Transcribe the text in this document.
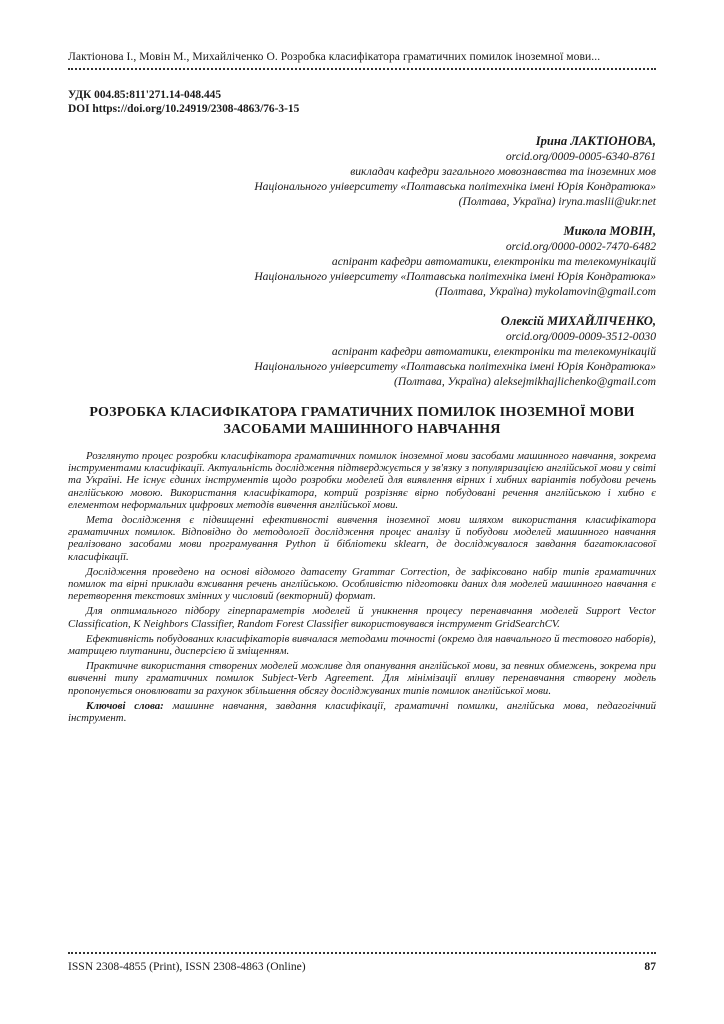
Лактіонова І., Мовін М., Михайліченко О. Розробка класифікатора граматичних помилок іноземної мови...
УДК 004.85:811'271.14-048.445
DOI https://doi.org/10.24919/2308-4863/76-3-15
Ірина ЛАКТІОНОВА,
orcid.org/0009-0005-6340-8761
викладач кафедри загального мовознавства та іноземних мов
Національного університету «Полтавська політехніка імені Юрія Кондратюка»
(Полтава, Україна) iryna.maslii@ukr.net
Микола МОВІН,
orcid.org/0000-0002-7470-6482
аспірант кафедри автоматики, електроніки та телекомунікацій
Національного університету «Полтавська політехніка імені Юрія Кондратюка»
(Полтава, Україна) mykolamovin@gmail.com
Олексій МИХАЙЛІЧЕНКО,
orcid.org/0009-0009-3512-0030
аспірант кафедри автоматики, електроніки та телекомунікацій
Національного університету «Полтавська політехніка імені Юрія Кондратюка»
(Полтава, Україна) aleksejmikhajlichenko@gmail.com
РОЗРОБКА КЛАСИФІКАТОРА ГРАМАТИЧНИХ ПОМИЛОК ІНОЗЕМНОЇ МОВИ
ЗАСОБАМИ МАШИННОГО НАВЧАННЯ

Розглянуто процес розробки класифікатора граматичних помилок іноземної мови засобами машинного навчання, зокрема інструментами класифікації. Актуальність дослідження підтверджується у зв'язку з популяризацією англійської мови у світі та Україні. Не існує єдиних інструментів щодо розробки моделей для виявлення вірних і хибних варіантів побудови речень англійською мовою. Використання класифікатора, котрий розрізняє вірно побудовані речення англійською і хибно є елементом неформальних цифрових методів вивчення англійської мови.

Мета дослідження є підвищенні ефективності вивчення іноземної мови шляхом використання класифікатора граматичних помилок. Відповідно до методології дослідження процес аналізу й побудови моделей машинного навчання реалізовано засобами мови програмування Python й бібліотеки sklearn, де досліджувалося завдання багатокласової класифікації.

Дослідження проведено на основі відомого датасету Grammar Correction, де зафіксовано набір типів граматичних помилок та вірні приклади вживання речень англійською. Особливістю підготовки даних для моделей машинного навчання є перетворення текстових змінних у числовий (векторний) формат.

Для оптимального підбору гіперпараметрів моделей й уникнення процесу перенавчання моделей Support Vector Classification, K Neighbors Classifier, Random Forest Classifier використовувався інструмент GridSearchCV.

Ефективність побудованих класифікаторів вивчалася методами точності (окремо для навчального й тестового наборів), матрицею плутанини, дисперсією й зміщенням.

Практичне використання створених моделей можливе для опанування англійської мови, за певних обмежень, зокрема при вивченні типу граматичних помилок Subject-Verb Agreement. Для мінімізації впливу перенавчання створену модель пропонується оновлювати за рахунок збільшення обсягу досліджуваних типів помилок англійської мови.

Ключові слова: машинне навчання, завдання класифікації, граматичні помилки, англійська мова, педагогічний інструмент.

ISSN 2308-4855 (Print), ISSN 2308-4863 (Online)	87
